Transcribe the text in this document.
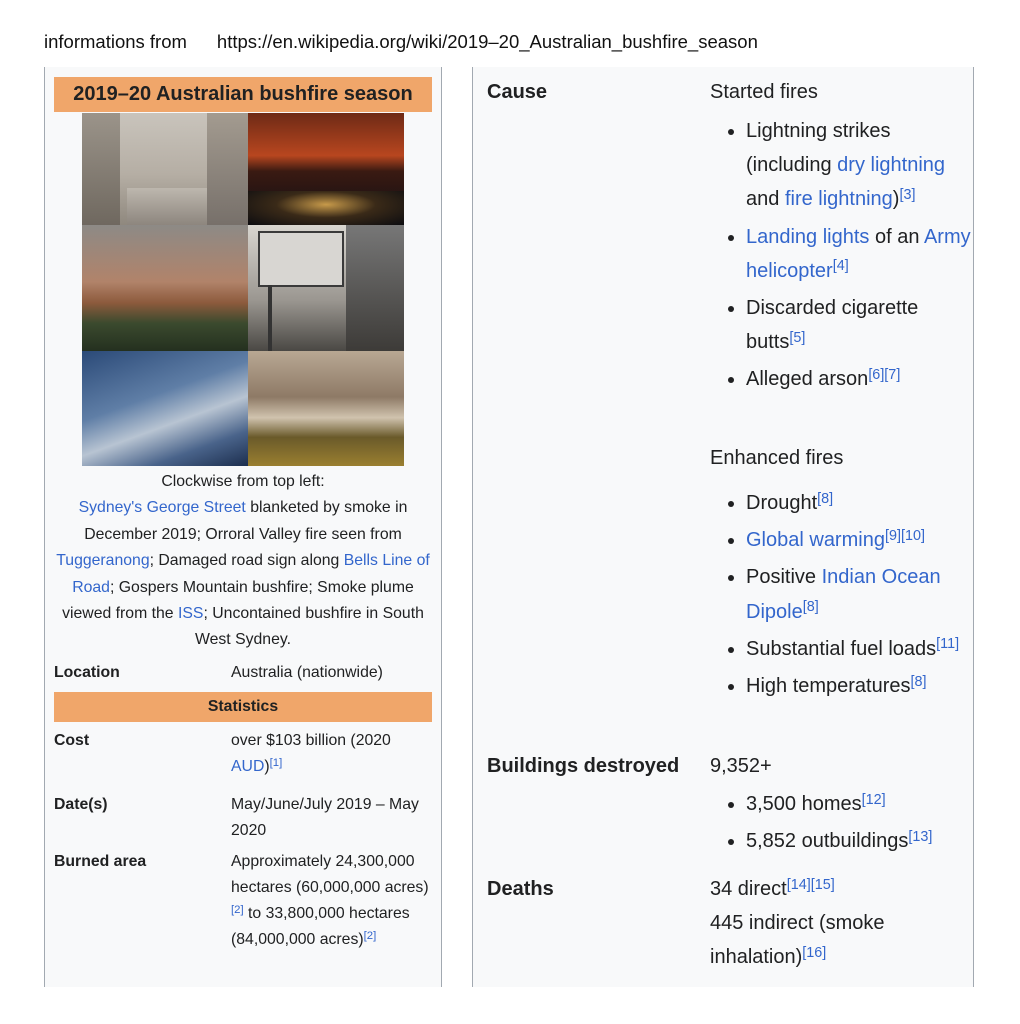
informations from https://en.wikipedia.org/wiki/2019–20_Australian_bushfire_season
2019–20 Australian bushfire season
Clockwise from top left:
Sydney's George Street blanketed by smoke in December 2019; Orroral Valley fire seen from Tuggeranong; Damaged road sign along Bells Line of Road; Gospers Mountain bushfire; Smoke plume viewed from the ISS; Uncontained bushfire in South West Sydney.
Location	Australia (nationwide)
Statistics
Cost	over $103 billion (2020 AUD)[1]
Date(s)	May/June/July 2019 – May 2020
Burned area	Approximately 24,300,000 hectares (60,000,000 acres)[2] to 33,800,000 hectares (84,000,000 acres)[2]
Cause	Started fires
• Lightning strikes (including dry lightning and fire lightning)[3]
• Landing lights of an Army helicopter[4]
• Discarded cigarette butts[5]
• Alleged arson[6][7]
Enhanced fires
• Drought[8]
• Global warming[9][10]
• Positive Indian Ocean Dipole[8]
• Substantial fuel loads[11]
• High temperatures[8]
Buildings destroyed 9,352+
• 3,500 homes[12]
• 5,852 outbuildings[13]
Deaths	34 direct[14][15]
445 indirect (smoke inhalation)[16]
